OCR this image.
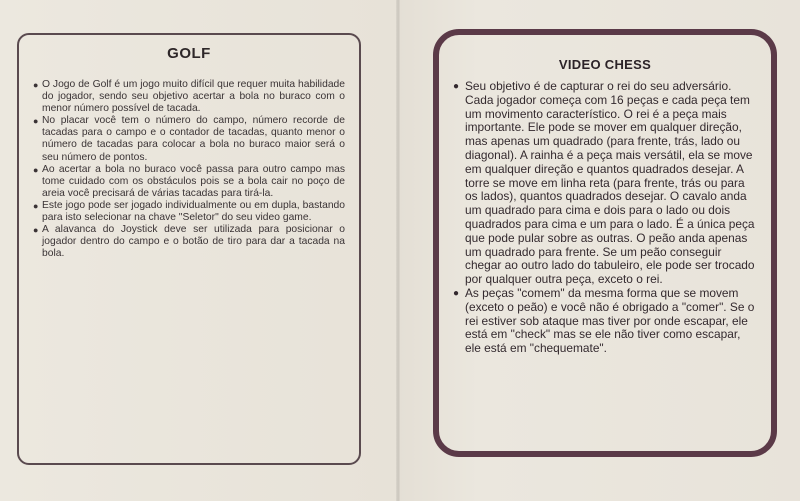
GOLF
● O Jogo de Golf é um jogo muito difícil que requer muita habilidade do jogador, sendo seu objetivo acertar a bola no buraco com o menor número possível de tacada.
● No placar você tem o número do campo, número recorde de tacadas para o campo e o contador de tacadas, quanto menor o número de tacadas para colocar a bola no buraco maior será o seu número de pontos.
● Ao acertar a bola no buraco você passa para outro campo mas tome cuidado com os obstáculos pois se a bola cair no poço de areia você precisará de várias tacadas para tirá-la.
● Este jogo pode ser jogado individualmente ou em dupla, bastando para isto selecionar na chave "Seletor" do seu video game.
● A alavanca do Joystick deve ser utilizada para posicionar o jogador dentro do campo e o botão de tiro para dar a tacada na bola.
VIDEO CHESS
● Seu objetivo é de capturar o rei do seu adversário. Cada jogador começa com 16 peças e cada peça tem um movimento característico. O rei é a peça mais importante. Ele pode se mover em qualquer direção, mas apenas um quadrado (para frente, trás, lado ou diagonal). A rainha é a peça mais versátil, ela se move em qualquer direção e quantos quadrados desejar. A torre se move em linha reta (para frente, trás ou para os lados), quantos quadrados desejar. O cavalo anda um quadrado para cima e dois para o lado ou dois quadrados para cima e um para o lado. É a única peça que pode pular sobre as outras. O peão anda apenas um quadrado para frente. Se um peão conseguir chegar ao outro lado do tabuleiro, ele pode ser trocado por qualquer outra peça, exceto o rei.
● As peças "comem" da mesma forma que se movem (exceto o peão) e você não é obrigado a "comer". Se o rei estiver sob ataque mas tiver por onde escapar, ele está em "check" mas se ele não tiver como escapar, ele está em "chequemate".
